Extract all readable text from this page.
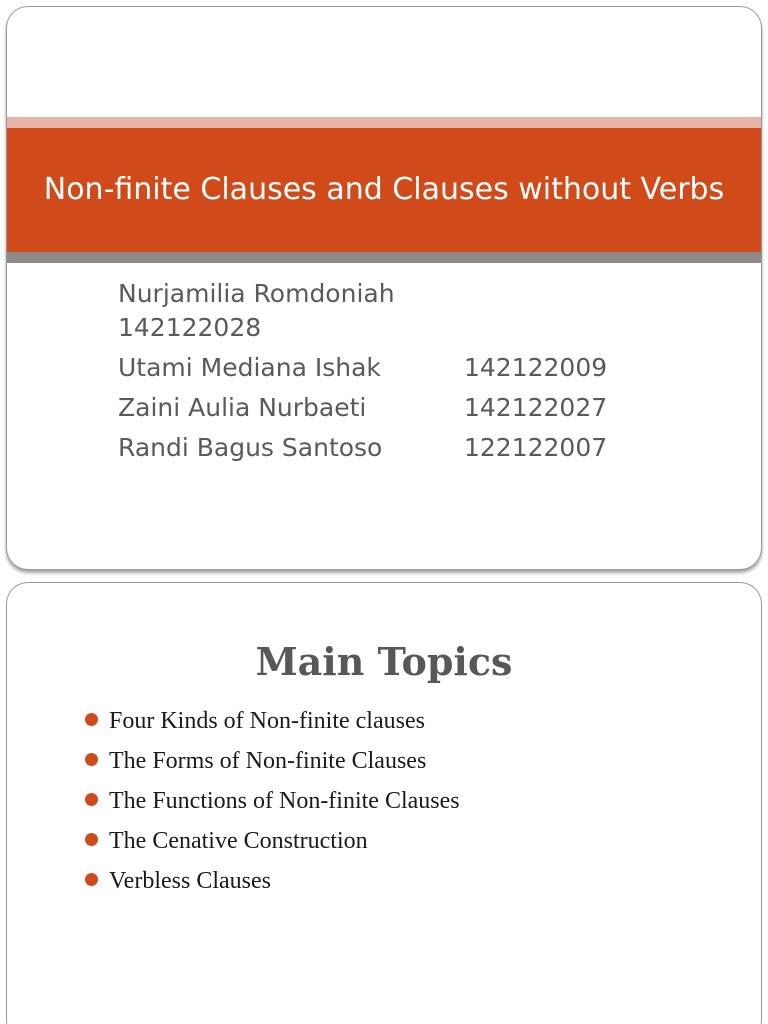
Non-finite Clauses and Clauses without Verbs
Nurjamilia Romdoniah
142122028
Utami Mediana Ishak	142122009
Zaini Aulia Nurbaeti	142122027
Randi Bagus Santoso	122122007
Main Topics
Four Kinds of Non-finite clauses
The Forms of Non-finite Clauses
The Functions of Non-finite Clauses
The Cenative Construction
Verbless Clauses
